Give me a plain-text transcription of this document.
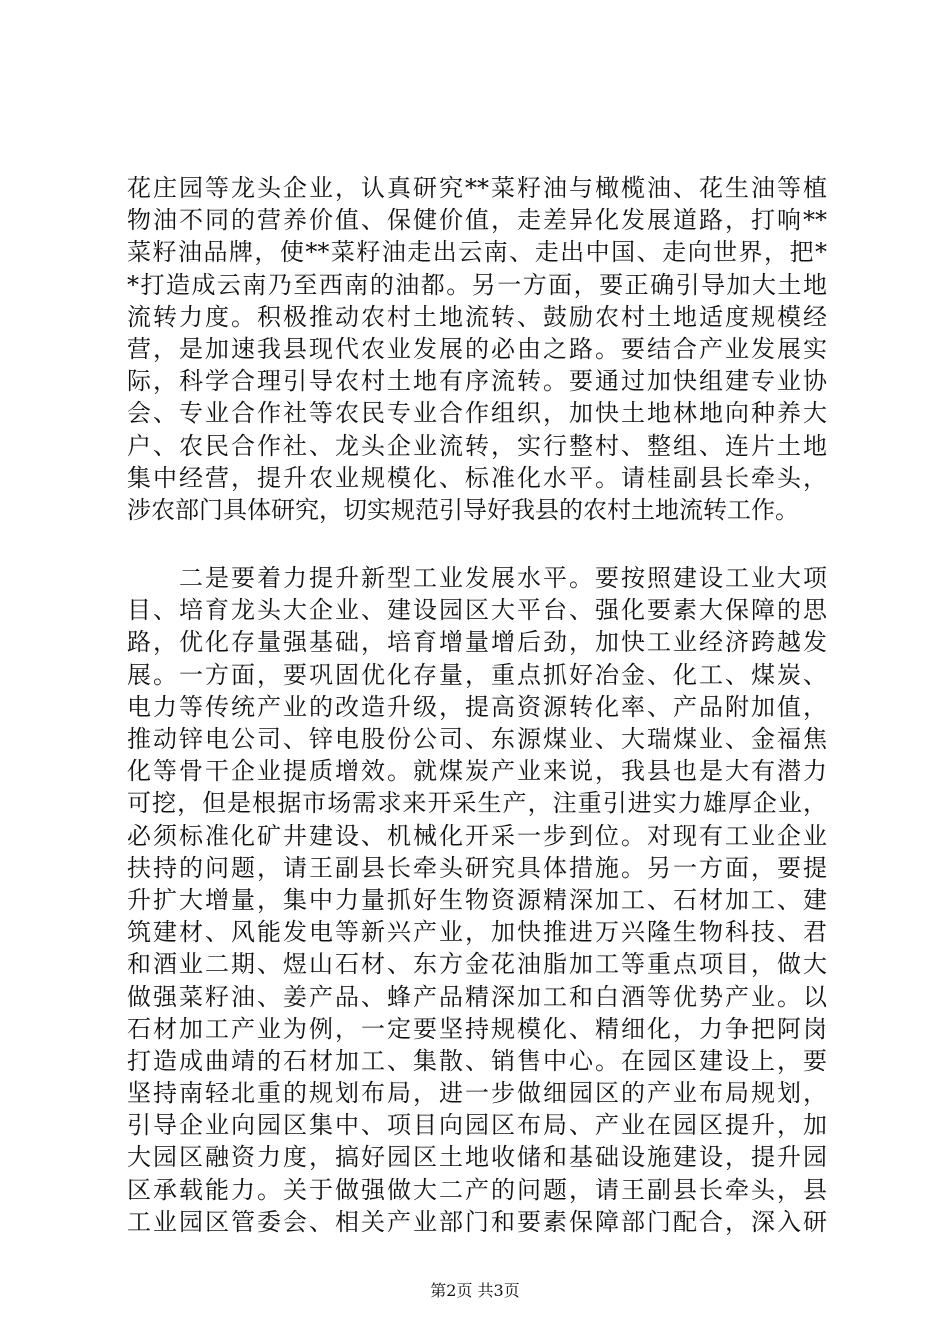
花庄园等龙头企业，认真研究**菜籽油与橄榄油、花生油等植
物油不同的营养价值、保健价值，走差异化发展道路，打响**
菜籽油品牌，使**菜籽油走出云南、走出中国、走向世界，把*
*打造成云南乃至西南的油都。另一方面，要正确引导加大土地
流转力度。积极推动农村土地流转、鼓励农村土地适度规模经
营，是加速我县现代农业发展的必由之路。要结合产业发展实
际，科学合理引导农村土地有序流转。要通过加快组建专业协
会、专业合作社等农民专业合作组织，加快土地林地向种养大
户、农民合作社、龙头企业流转，实行整村、整组、连片土地
集中经营，提升农业规模化、标准化水平。请桂副县长牵头，
涉农部门具体研究，切实规范引导好我县的农村土地流转工作。
　　二是要着力提升新型工业发展水平。要按照建设工业大项
目、培育龙头大企业、建设园区大平台、强化要素大保障的思
路，优化存量强基础，培育增量增后劲，加快工业经济跨越发
展。一方面，要巩固优化存量，重点抓好冶金、化工、煤炭、
电力等传统产业的改造升级，提高资源转化率、产品附加值，
推动锌电公司、锌电股份公司、东源煤业、大瑞煤业、金福焦
化等骨干企业提质增效。就煤炭产业来说，我县也是大有潜力
可挖，但是根据市场需求来开采生产，注重引进实力雄厚企业，
必须标准化矿井建设、机械化开采一步到位。对现有工业企业
扶持的问题，请王副县长牵头研究具体措施。另一方面，要提
升扩大增量，集中力量抓好生物资源精深加工、石材加工、建
筑建材、风能发电等新兴产业，加快推进万兴隆生物科技、君
和酒业二期、煜山石材、东方金花油脂加工等重点项目，做大
做强菜籽油、姜产品、蜂产品精深加工和白酒等优势产业。以
石材加工产业为例，一定要坚持规模化、精细化，力争把阿岗
打造成曲靖的石材加工、集散、销售中心。在园区建设上，要
坚持南轻北重的规划布局，进一步做细园区的产业布局规划，
引导企业向园区集中、项目向园区布局、产业在园区提升，加
大园区融资力度，搞好园区土地收储和基础设施建设，提升园
区承载能力。关于做强做大二产的问题，请王副县长牵头，县
工业园区管委会、相关产业部门和要素保障部门配合，深入研
第2页 共3页
